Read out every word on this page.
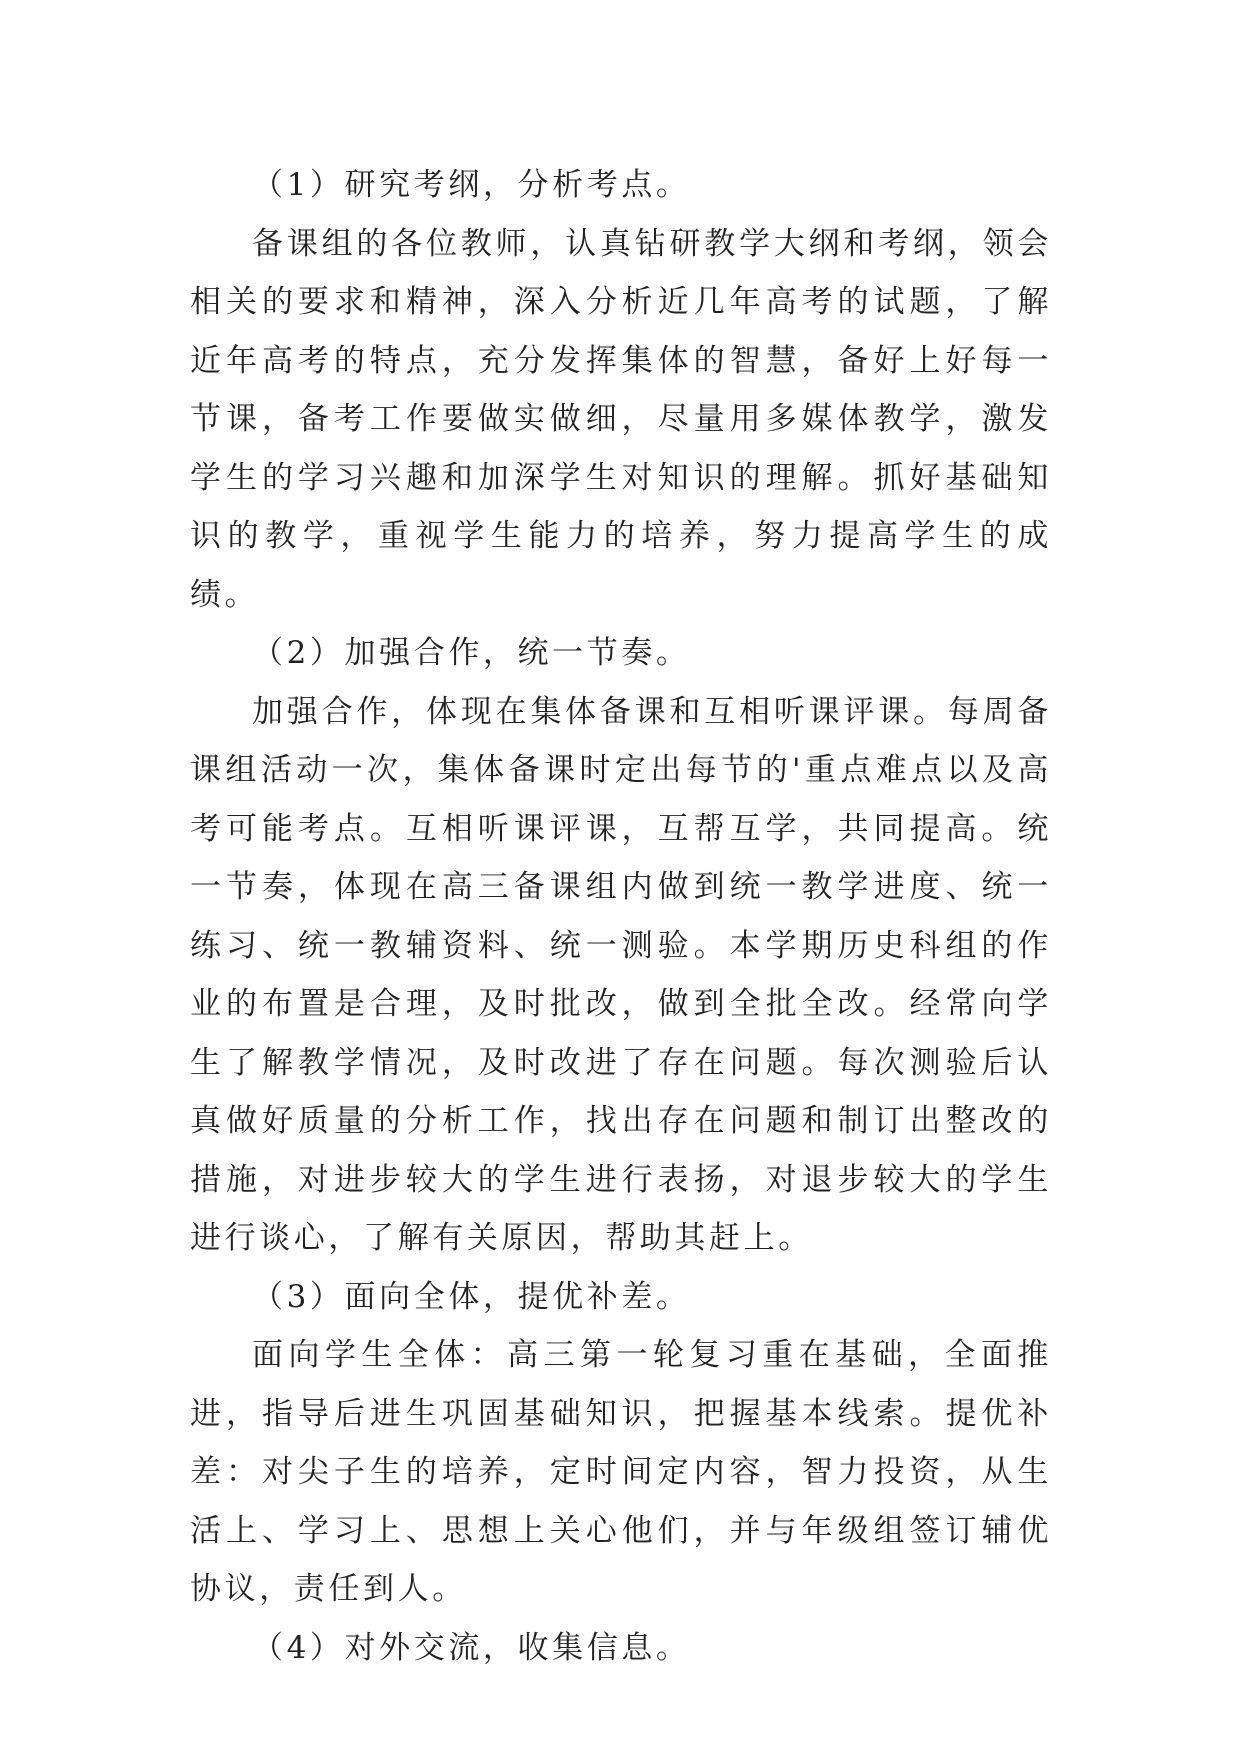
（1）研究考纲，分析考点。

备课组的各位教师，认真钻研教学大纲和考纲，领会相关的要求和精神，深入分析近几年高考的试题，了解近年高考的特点，充分发挥集体的智慧，备好上好每一节课，备考工作要做实做细，尽量用多媒体教学，激发学生的学习兴趣和加深学生对知识的理解。抓好基础知识的教学，重视学生能力的培养，努力提高学生的成绩。

（2）加强合作，统一节奏。

加强合作，体现在集体备课和互相听课评课。每周备课组活动一次，集体备课时定出每节的'重点难点以及高考可能考点。互相听课评课，互帮互学，共同提高。统一节奏，体现在高三备课组内做到统一教学进度、统一练习、统一教辅资料、统一测验。本学期历史科组的作业的布置是合理，及时批改，做到全批全改。经常向学生了解教学情况，及时改进了存在问题。每次测验后认真做好质量的分析工作，找出存在问题和制订出整改的措施，对进步较大的学生进行表扬，对退步较大的学生进行谈心，了解有关原因，帮助其赶上。

（3）面向全体，提优补差。

面向学生全体：高三第一轮复习重在基础，全面推进，指导后进生巩固基础知识，把握基本线索。提优补差：对尖子生的培养，定时间定内容，智力投资，从生活上、学习上、思想上关心他们，并与年级组签订辅优协议，责任到人。

（4）对外交流，收集信息。
